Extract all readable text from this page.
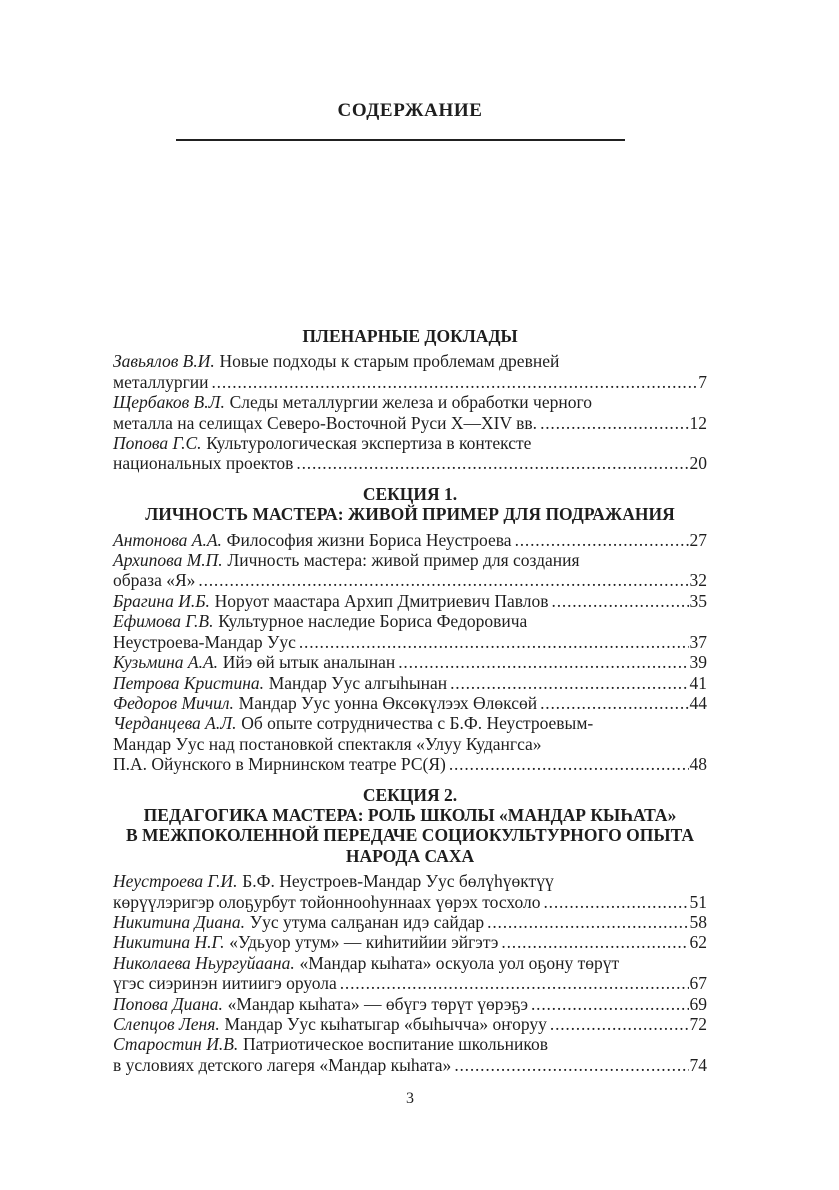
СОДЕРЖАНИЕ
ПЛЕНАРНЫЕ ДОКЛАДЫ
Завьялов В.И. Новые подходы к старым проблемам древней
металлургии .....	7
Щербаков В.Л. Следы металлургии железа и обработки черного
металла на селищах Северо-Восточной Руси X—XIV вв. .....	12
Попова Г.С. Культурологическая экспертиза в контексте
национальных проектов .....	20
СЕКЦИЯ 1.
ЛИЧНОСТЬ МАСТЕРА: ЖИВОЙ ПРИМЕР ДЛЯ ПОДРАЖАНИЯ
Антонова А.А. Философия жизни Бориса Неустроева .....	27
Архипова М.П. Личность мастера: живой пример для создания
образа «Я» .....	32
Брагина И.Б. Норуот маастара Архип Дмитриевич Павлов .....	35
Ефимова Г.В. Культурное наследие Бориса Федоровича
Неустроева-Мандар Уус .....	37
Кузьмина А.А. Ийэ өй ытык аналынан .....	39
Петрова Кристина. Мандар Уус алгыһынан .....	41
Федоров Мичил. Мандар Уус уонна Өксөкүлээх Өлөксөй .....	44
Черданцева А.Л. Об опыте сотрудничества с Б.Ф. Неустроевым-
Мандар Уус над постановкой спектакля «Улуу Кудангса»
П.А. Ойунского в Мирнинском театре РС(Я) .....	48
СЕКЦИЯ 2.
ПЕДАГОГИКА МАСТЕРА: РОЛЬ ШКОЛЫ «МАНДАР КЫҺАТА»
В МЕЖПОКОЛЕННОЙ ПЕРЕДАЧЕ СОЦИОКУЛЬТУРНОГО ОПЫТА
НАРОДА САХА
Неустроева Г.И. Б.Ф. Неустроев-Мандар Уус бөлүһүөктүү
көрүүлэригэр олоҕурбут тойоннооһуннаах үөрэх тосхоло .....	51
Никитина Диана. Уус утума салҕанан идэ сайдар .....	58
Никитина Н.Г. «Удьуор утум» — киһитийии эйгэтэ .....	62
Николаева Ньургуйаана. «Мандар кыһата» оскуола уол оҕону төрүт
үгэс сиэринэн иитиигэ оруола .....	67
Попова Диана. «Мандар кыһата» — өбүгэ төрүт үөрэҕэ .....	69
Слепцов Леня. Мандар Уус кыһатыгар «быһычча» оҥоруу .....	72
Старостин И.В. Патриотическое воспитание школьников
в условиях детского лагеря «Мандар кыһата» .....	74
3
